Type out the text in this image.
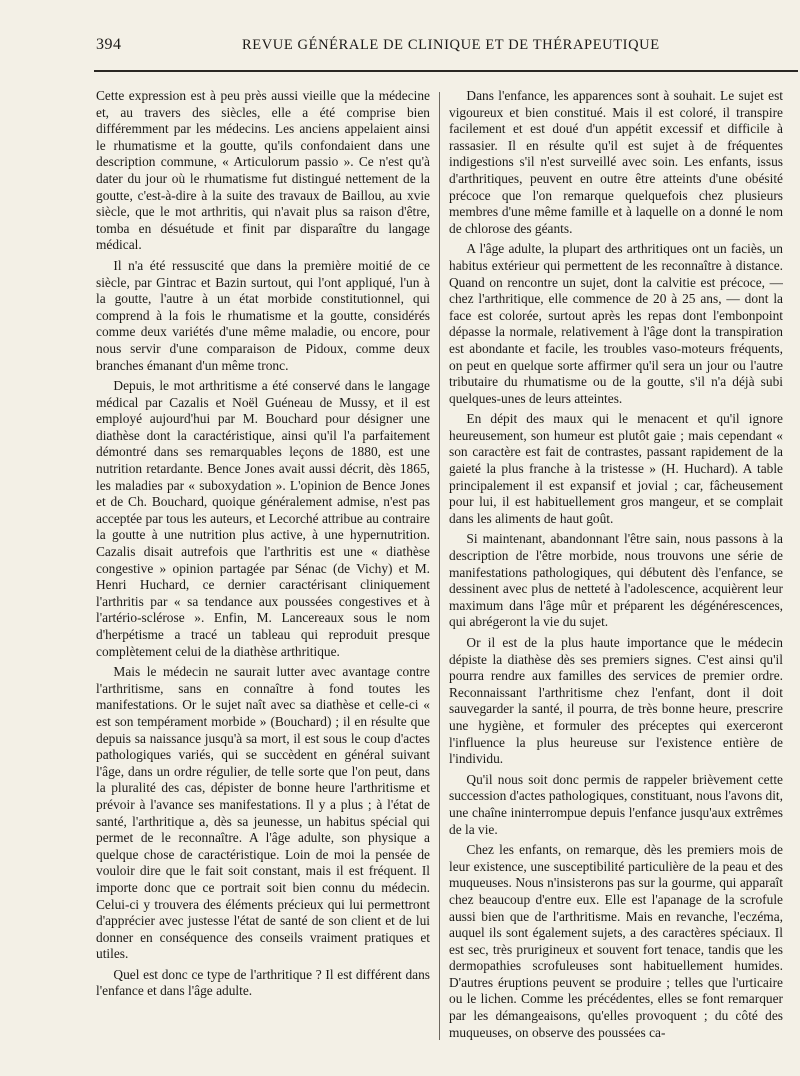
394	REVUE GÉNÉRALE DE CLINIQUE ET DE THÉRAPEUTIQUE

Cette expression est à peu près aussi vieille que la médecine et, au travers des siècles, elle a été comprise bien différemment par les médecins. Les anciens appelaient ainsi le rhumatisme et la goutte, qu'ils confondaient dans une description commune, « Articulorum passio ». Ce n'est qu'à dater du jour où le rhumatisme fut distingué nettement de la goutte, c'est-à-dire à la suite des travaux de Baillou, au xvie siècle, que le mot arthritis, qui n'avait plus sa raison d'être, tomba en désuétude et finit par disparaître du langage médical.

Il n'a été ressuscité que dans la première moitié de ce siècle, par Gintrac et Bazin surtout, qui l'ont appliqué, l'un à la goutte, l'autre à un état morbide constitutionnel, qui comprend à la fois le rhumatisme et la goutte, considérés comme deux variétés d'une même maladie, ou encore, pour nous servir d'une comparaison de Pidoux, comme deux branches émanant d'un même tronc.

Depuis, le mot arthritisme a été conservé dans le langage médical par Cazalis et Noël Guéneau de Mussy, et il est employé aujourd'hui par M. Bouchard pour désigner une diathèse dont la caractéristique, ainsi qu'il l'a parfaitement démontré dans ses remarquables leçons de 1880, est une nutrition retardante. Bence Jones avait aussi décrit, dès 1865, les maladies par « suboxydation ». L'opinion de Bence Jones et de Ch. Bouchard, quoique généralement admise, n'est pas acceptée par tous les auteurs, et Lecorché attribue au contraire la goutte à une nutrition plus active, à une hypernutrition. Cazalis disait autrefois que l'arthritis est une « diathèse congestive » opinion partagée par Sénac (de Vichy) et M. Henri Huchard, ce dernier caractérisant cliniquement l'arthritis par « sa tendance aux poussées congestives et à l'artério-sclérose ». Enfin, M. Lancereaux sous le nom d'herpétisme a tracé un tableau qui reproduit presque complètement celui de la diathèse arthritique.

Mais le médecin ne saurait lutter avec avantage contre l'arthritisme, sans en connaître à fond toutes les manifestations. Or le sujet naît avec sa diathèse et celle-ci « est son tempérament morbide » (Bouchard) ; il en résulte que depuis sa naissance jusqu'à sa mort, il est sous le coup d'actes pathologiques variés, qui se succèdent en général suivant l'âge, dans un ordre régulier, de telle sorte que l'on peut, dans la pluralité des cas, dépister de bonne heure l'arthritisme et prévoir à l'avance ses manifestations. Il y a plus ; à l'état de santé, l'arthritique a, dès sa jeunesse, un habitus spécial qui permet de le reconnaître. A l'âge adulte, son physique a quelque chose de caractéristique. Loin de moi la pensée de vouloir dire que le fait soit constant, mais il est fréquent. Il importe donc que ce portrait soit bien connu du médecin. Celui-ci y trouvera des éléments précieux qui lui permettront d'apprécier avec justesse l'état de santé de son client et de lui donner en conséquence des conseils vraiment pratiques et utiles.

Quel est donc ce type de l'arthritique ? Il est différent dans l'enfance et dans l'âge adulte.

Dans l'enfance, les apparences sont à souhait. Le sujet est vigoureux et bien constitué. Mais il est coloré, il transpire facilement et est doué d'un appétit excessif et difficile à rassasier. Il en résulte qu'il est sujet à de fréquentes indigestions s'il n'est surveillé avec soin. Les enfants, issus d'arthritiques, peuvent en outre être atteints d'une obésité précoce que l'on remarque quelquefois chez plusieurs membres d'une même famille et à laquelle on a donné le nom de chlorose des géants.

A l'âge adulte, la plupart des arthritiques ont un faciès, un habitus extérieur qui permettent de les reconnaître à distance. Quand on rencontre un sujet, dont la calvitie est précoce, — chez l'arthritique, elle commence de 20 à 25 ans, — dont la face est colorée, surtout après les repas dont l'embonpoint dépasse la normale, relativement à l'âge dont la transpiration est abondante et facile, les troubles vaso-moteurs fréquents, on peut en quelque sorte affirmer qu'il sera un jour ou l'autre tributaire du rhumatisme ou de la goutte, s'il n'a déjà subi quelques-unes de leurs atteintes.

En dépit des maux qui le menacent et qu'il ignore heureusement, son humeur est plutôt gaie ; mais cependant « son caractère est fait de contrastes, passant rapidement de la gaieté la plus franche à la tristesse » (H. Huchard). A table principalement il est expansif et jovial ; car, fâcheusement pour lui, il est habituellement gros mangeur, et se complait dans les aliments de haut goût.

Si maintenant, abandonnant l'être sain, nous passons à la description de l'être morbide, nous trouvons une série de manifestations pathologiques, qui débutent dès l'enfance, se dessinent avec plus de netteté à l'adolescence, acquièrent leur maximum dans l'âge mûr et préparent les dégénérescences, qui abrégeront la vie du sujet.

Or il est de la plus haute importance que le médecin dépiste la diathèse dès ses premiers signes. C'est ainsi qu'il pourra rendre aux familles des services de premier ordre. Reconnaissant l'arthritisme chez l'enfant, dont il doit sauvegarder la santé, il pourra, de très bonne heure, prescrire une hygiène, et formuler des préceptes qui exerceront l'influence la plus heureuse sur l'existence entière de l'individu.

Qu'il nous soit donc permis de rappeler brièvement cette succession d'actes pathologiques, constituant, nous l'avons dit, une chaîne ininterrompue depuis l'enfance jusqu'aux extrêmes de la vie.

Chez les enfants, on remarque, dès les premiers mois de leur existence, une susceptibilité particulière de la peau et des muqueuses. Nous n'insisterons pas sur la gourme, qui apparaît chez beaucoup d'entre eux. Elle est l'apanage de la scrofule aussi bien que de l'arthritisme. Mais en revanche, l'eczéma, auquel ils sont également sujets, a des caractères spéciaux. Il est sec, très prurigineux et souvent fort tenace, tandis que les dermopathies scrofuleuses sont habituellement humides. D'autres éruptions peuvent se produire ; telles que l'urticaire ou le lichen. Comme les précédentes, elles se font remarquer par les démangeaisons, qu'elles provoquent ; du côté des muqueuses, on observe des poussées ca-
